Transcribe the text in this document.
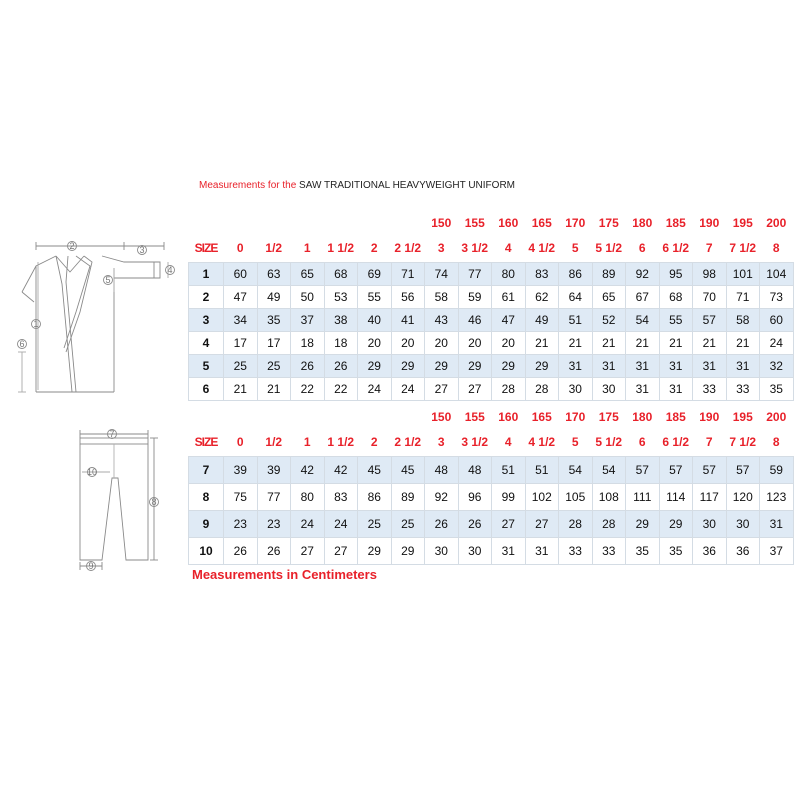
Measurements for the SAW TRADITIONAL HEAVYWEIGHT UNIFORM
1
2	3
4
5
6
7
8
9
10
							150	155	160	165	170	175	180	185	190	195	200
SIZE	0	1/2	1	1 1/2	2	2 1/2	3	3 1/2	4	4 1/2	5	5 1/2	6	6 1/2	7	7 1/2	8
1	60	63	65	68	69	71	74	77	80	83	86	89	92	95	98	101	104
2	47	49	50	53	55	56	58	59	61	62	64	65	67	68	70	71	73
3	34	35	37	38	40	41	43	46	47	49	51	52	54	55	57	58	60
4	17	17	18	18	20	20	20	20	20	21	21	21	21	21	21	21	24
5	25	25	26	26	29	29	29	29	29	29	31	31	31	31	31	31	32
6	21	21	22	22	24	24	27	27	28	28	30	30	31	31	33	33	35
							150	155	160	165	170	175	180	185	190	195	200
SIZE	0	1/2	1	1 1/2	2	2 1/2	3	3 1/2	4	4 1/2	5	5 1/2	6	6 1/2	7	7 1/2	8
7	39	39	42	42	45	45	48	48	51	51	54	54	57	57	57	57	59
8	75	77	80	83	86	89	92	96	99	102	105	108	111	114	117	120	123
9	23	23	24	24	25	25	26	26	27	27	28	28	29	29	30	30	31
10	26	26	27	27	29	29	30	30	31	31	33	33	35	35	36	36	37
Measurements in Centimeters
